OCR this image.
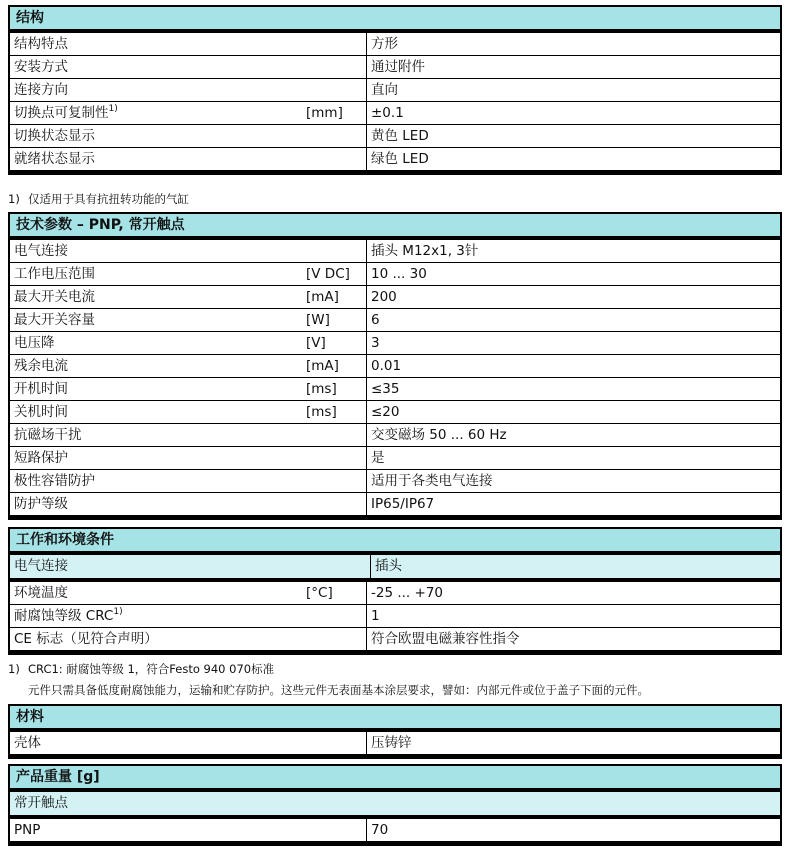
结构
结构特点	方形
安装方式	通过附件
连接方向	直向
切换点可复制性$^{1)}$	[mm]	±0.1
切换状态显示	黄色 LED
就绪状态显示	绿色 LED
技术参数 – PNP, 常开触点
电气连接	插头 M12x1, 3针
工作电压范围	[V DC]	10 ... 30
最大开关电流	[mA]	200
最大开关容量	[W]	6
电压降	[V]	3
残余电流	[mA]	0.01
开机时间	[ms]	≤35
关机时间	[ms]	≤20
抗磁场干扰	交变磁场 50 ... 60 Hz
短路保护	是
极性容错防护	适用于各类电气连接
防护等级	IP65/IP67
工作和环境条件
电气连接	插头
环境温度	[°C]	-25 ... +70
耐腐蚀等级 CRC$^{1)}$	1
CE 标志（见符合声明）	符合欧盟电磁兼容性指令
材料
壳体	压铸锌
产品重量 [g]
常开触点
PNP	70
1) 仅适用于具有抗扭转功能的气缸
1) CRC1: 耐腐蚀等级 1，符合Festo 940 070标准
元件只需具备低度耐腐蚀能力，运输和贮存防护。这些元件无表面基本涂层要求，譬如：内部元件或位于盖子下面的元件。
